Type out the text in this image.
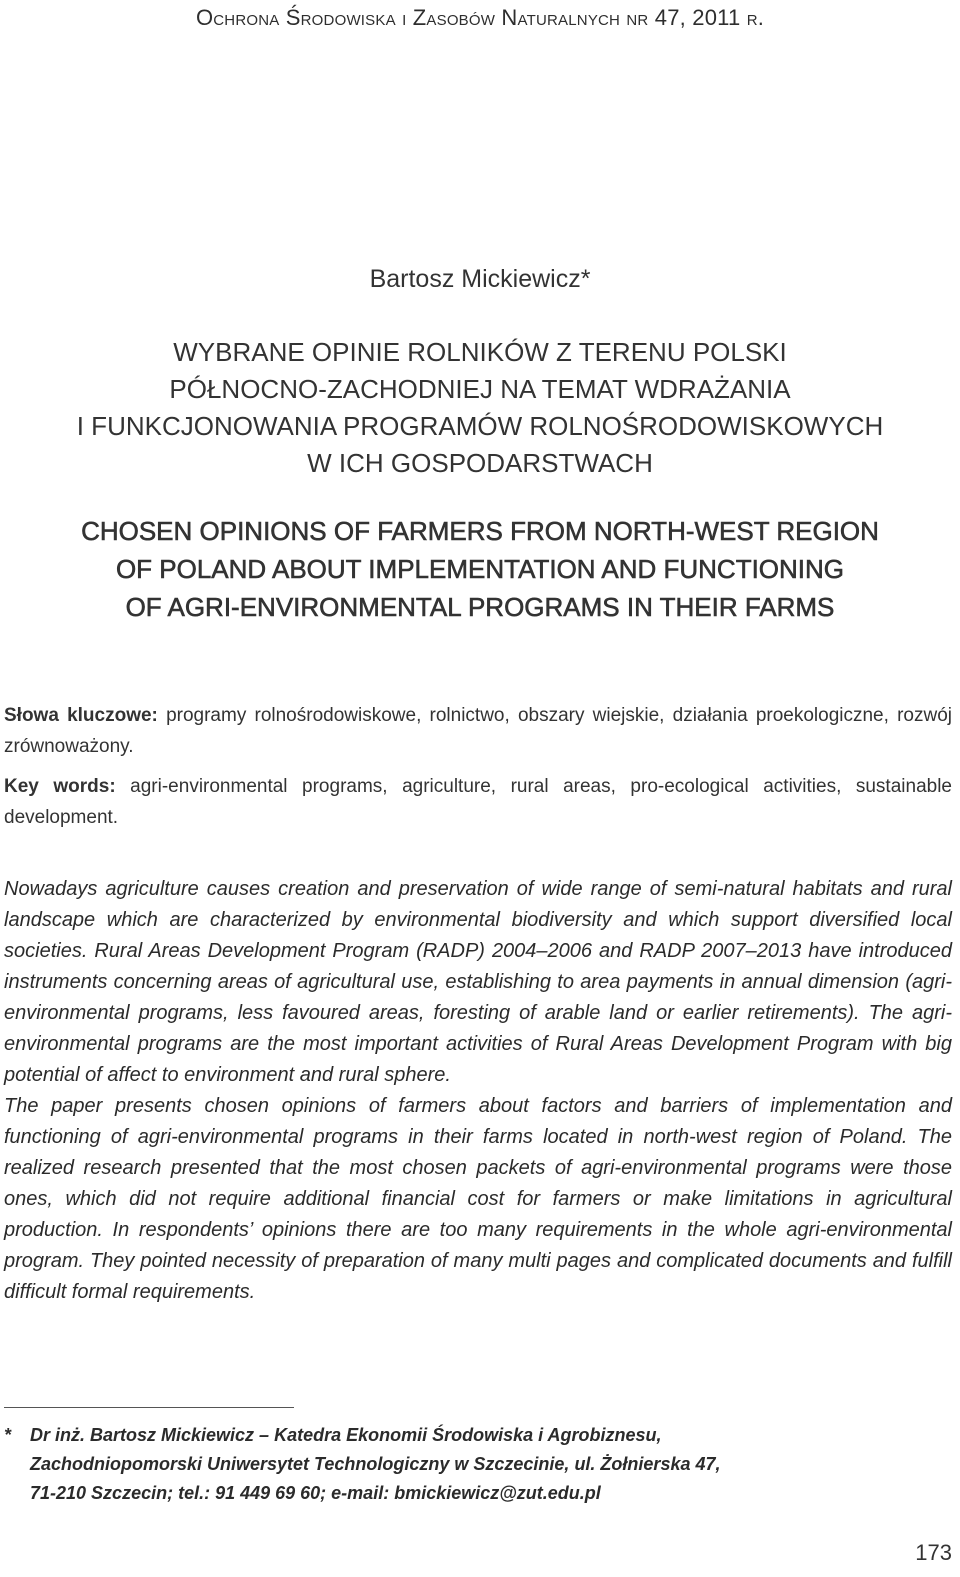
Ochrona Środowiska i Zasobów Naturalnych nr 47, 2011 r.
Bartosz Mickiewicz*
WYBRANE OPINIE ROLNIKÓW Z TERENU POLSKI
PÓŁNOCNO-ZACHODNIEJ NA TEMAT WDRAŻANIA
I FUNKCJONOWANIA PROGRAMÓW ROLNOŚRODOWISKOWYCH
W ICH GOSPODARSTWACH
CHOSEN OPINIONS OF FARMERS FROM NORTH-WEST REGION
OF POLAND ABOUT IMPLEMENTATION AND FUNCTIONING
OF AGRI-ENVIRONMENTAL PROGRAMS IN THEIR FARMS
Słowa kluczowe: programy rolnośrodowiskowe, rolnictwo, obszary wiejskie, działania proekologiczne, rozwój zrównoważony.
Key words: agri-environmental programs, agriculture, rural areas, pro-ecological activities, sustainable development.

Nowadays agriculture causes creation and preservation of wide range of semi-natural habitats and rural landscape which are characterized by environmental biodiversity and which support diversified local societies. Rural Areas Development Program (RADP) 2004–2006 and RADP 2007–2013 have introduced instruments concerning areas of agricultural use, establishing to area payments in annual dimension (agri-environmental programs, less favoured areas, foresting of arable land or earlier retirements). The agri-environmental programs are the most important activities of Rural Areas Development Program with big potential of affect to environment and rural sphere.

The paper presents chosen opinions of farmers about factors and barriers of implementation and functioning of agri-environmental programs in their farms located in north-west region of Poland. The realized research presented that the most chosen packets of agri-environmental programs were those ones, which did not require additional financial cost for farmers or make limitations in agricultural production. In respondents’ opinions there are too many requirements in the whole agri-environmental program. They pointed necessity of preparation of many multi pages and complicated documents and fulfill difficult formal requirements.

* Dr inż. Bartosz Mickiewicz – Katedra Ekonomii Środowiska i Agrobiznesu,
Zachodniopomorski Uniwersytet Technologiczny w Szczecinie, ul. Żołnierska 47,
71-210 Szczecin; tel.: 91 449 69 60; e-mail: bmickiewicz@zut.edu.pl
173
